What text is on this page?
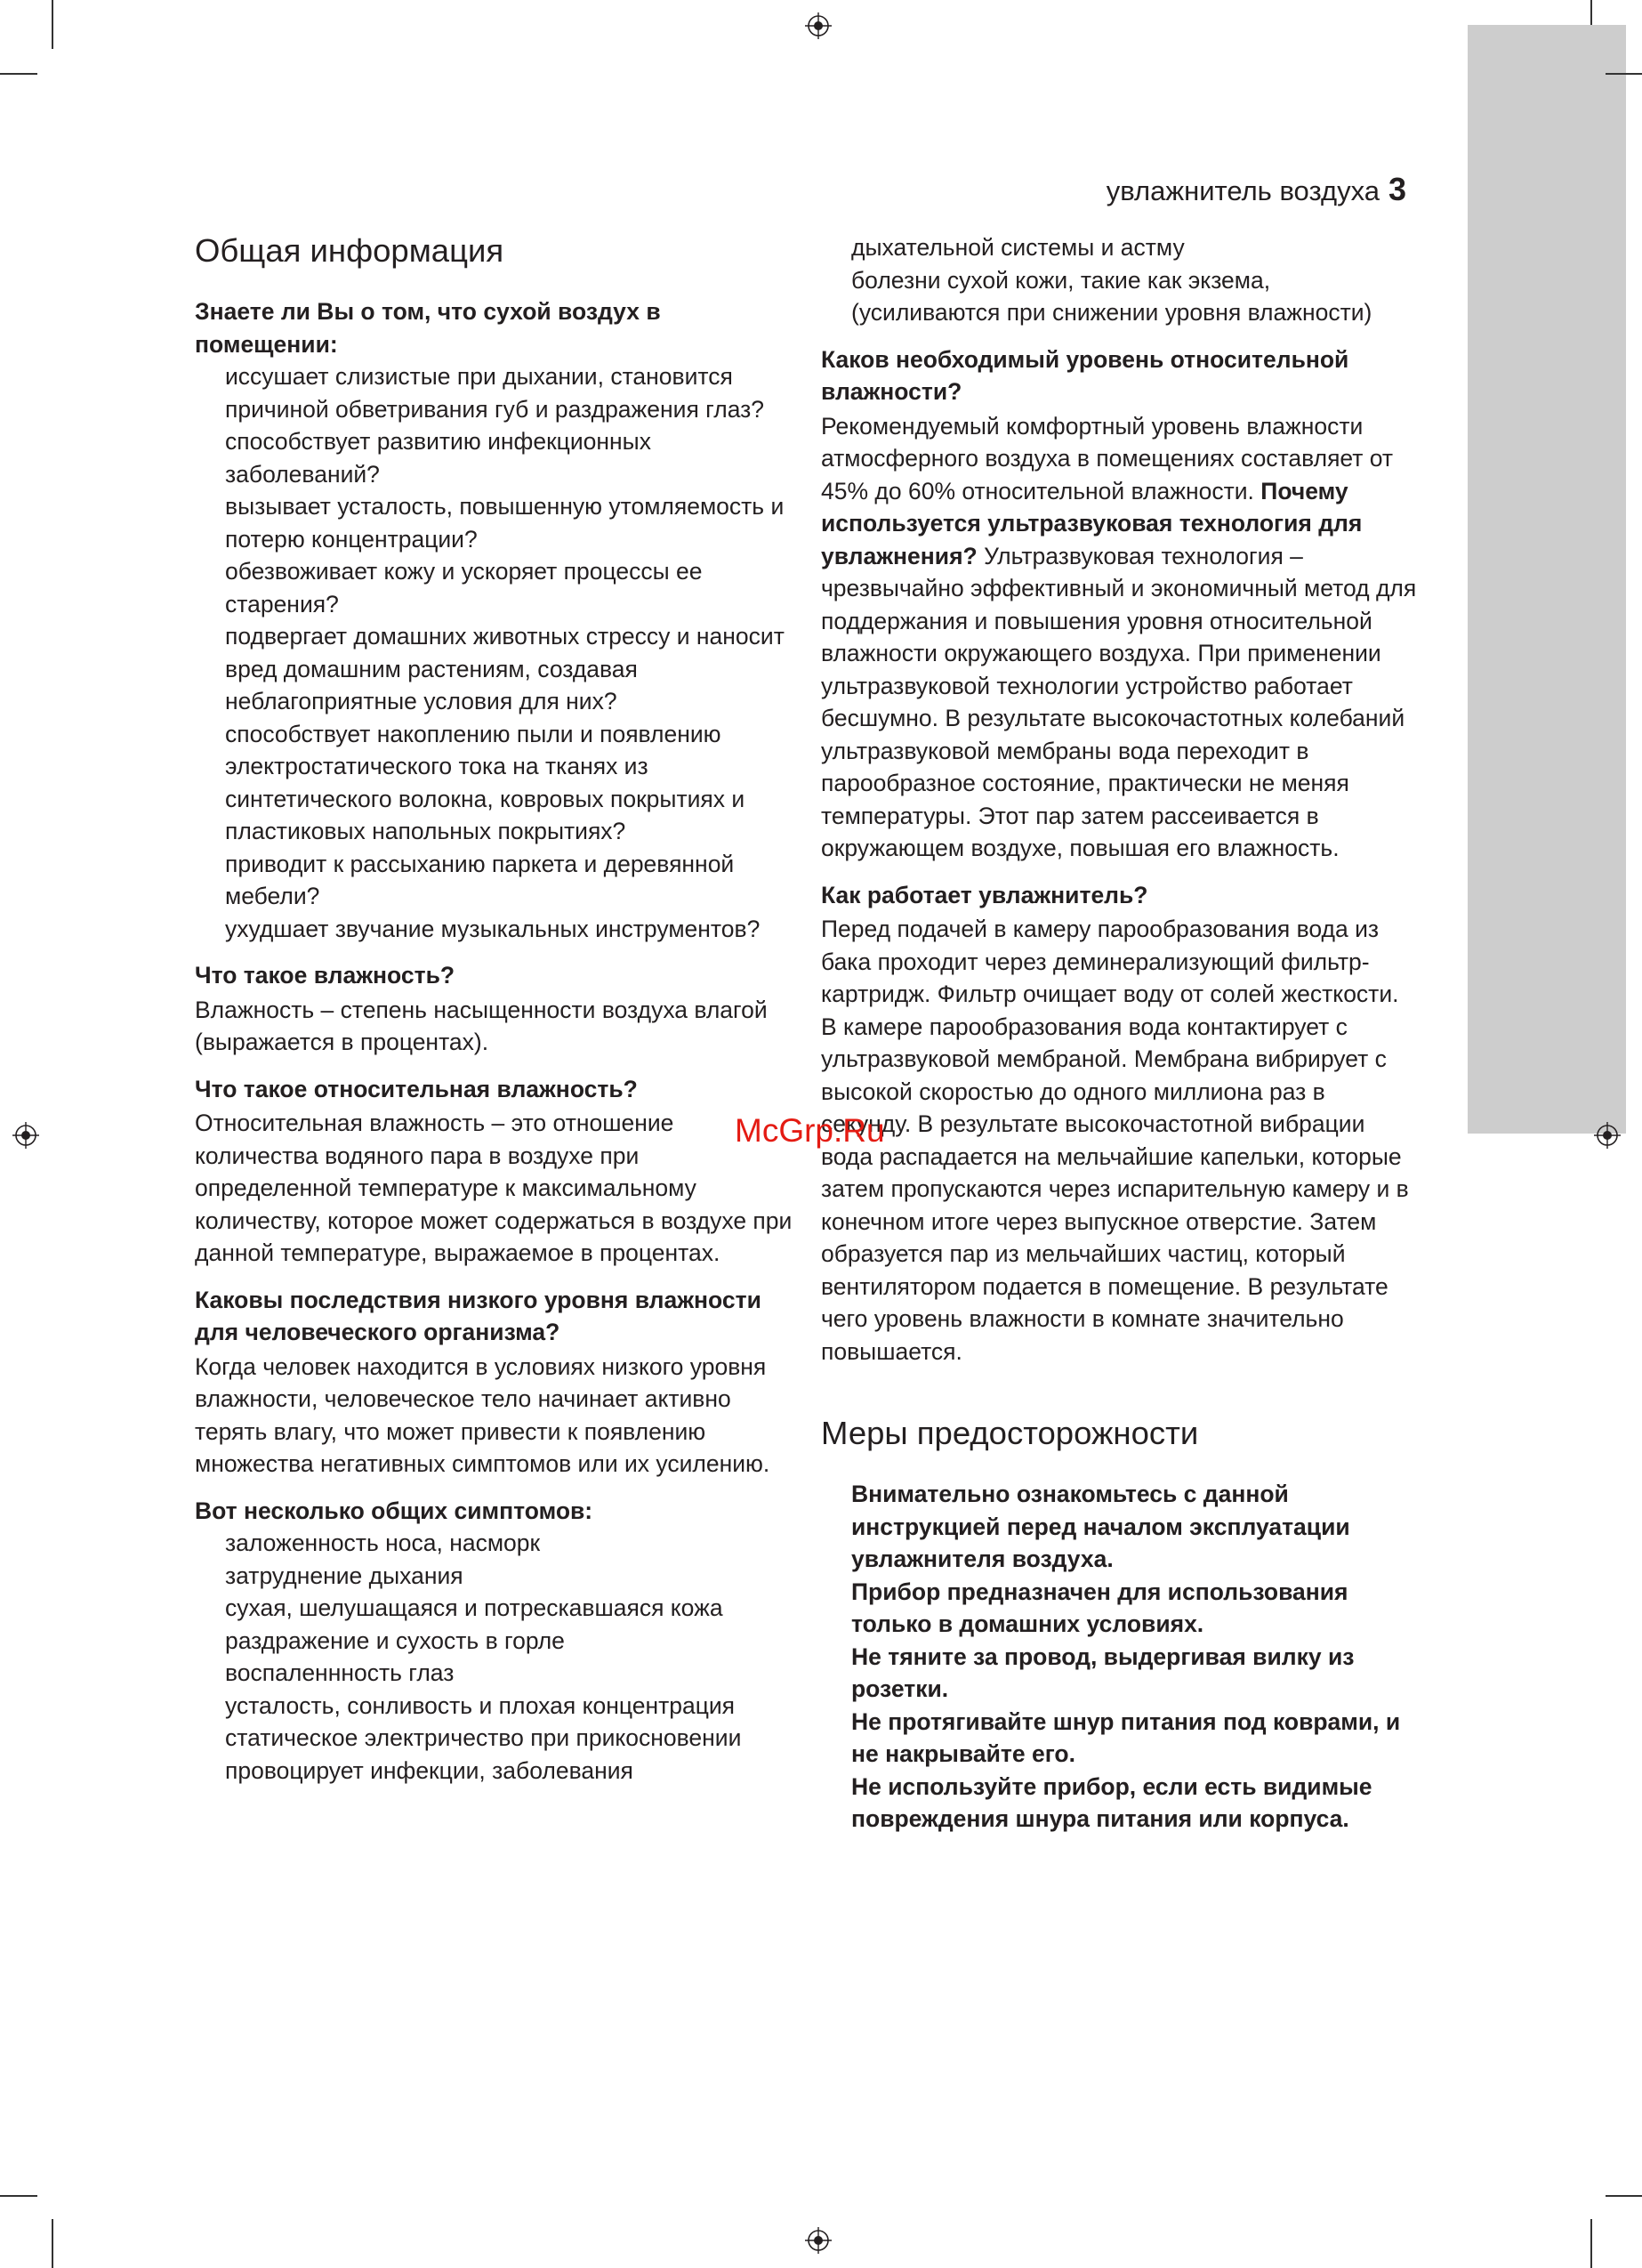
увлажнитель воздуха 3
Общая информация

Знаете ли Вы о том, что сухой воздух в помещении:

иссушает слизистые при дыхании, становится причиной обветривания губ и раздражения глаз?
способствует развитию инфекционных заболеваний?
вызывает усталость, повышенную утомляемость и потерю концентрации?
обезвоживает кожу и ускоряет процессы ее старения?
подвергает домашних животных стрессу и наносит вред домашним растениям, создавая неблагоприятные условия для них?
способствует накоплению пыли и появлению электростатического тока на тканях из синтетического волокна, ковровых покрытиях и пластиковых напольных покрытиях?
приводит к рассыханию паркета и деревянной мебели?
ухудшает звучание музыкальных инструментов?

Что такое влажность?

Влажность – степень насыщенности воздуха влагой (выражается в процентах).

Что такое относительная влажность?

Относительная влажность – это отношение количества водяного пара в воздухе при определенной температуре к максимальному количеству, которое может содержаться в воздухе при данной температуре, выражаемое в процентах.

Каковы последствия низкого уровня влажности для человеческого организма?

Когда человек находится в условиях низкого уровня влажности, человеческое тело начинает активно терять влагу, что может привести к появлению множества негативных симптомов или их усилению.

Вот несколько общих симптомов:

заложенность носа, насморк
затруднение дыхания
сухая, шелушащаяся и потрескавшаяся кожа
раздражение и сухость в горле
воспаленнность глаз
усталость, сонливость и плохая концентрация
статическое электричество при прикосновении
провоцирует инфекции, заболевания
дыхательной системы и астму
болезни сухой кожи, такие как экзема, (усиливаются при снижении уровня влажности)

Каков необходимый уровень относительной влажности?

Рекомендуемый комфортный уровень влажности атмосферного воздуха в помещениях составляет от 45% до 60% относительной влажности. Почему используется ультразвуковая технология для увлажнения? Ультразвуковая технология – чрезвычайно эффективный и экономичный метод для поддержания и повышения уровня относительной влажности окружающего воздуха. При применении ультразвуковой технологии устройство работает бесшумно. В результате высокочастотных колебаний ультразвуковой мембраны вода переходит в парообразное состояние, практически не меняя температуры. Этот пар затем рассеивается в окружающем воздухе, повышая его влажность.

Как работает увлажнитель?

Перед подачей в камеру парообразования вода из бака проходит через деминерализующий фильтр-картридж. Фильтр очищает воду от солей жесткости. В камере парообразования вода контактирует с ультразвуковой мембраной. Мембрана вибрирует с высокой скоростью до одного миллиона раз в секунду. В результате высокочастотной вибрации вода распадается на мельчайшие капельки, которые затем пропускаются через испарительную камеру и в конечном итоге через выпускное отверстие. Затем образуется пар из мельчайших частиц, который вентилятором подается в помещение. В результате чего уровень влажности в комнате значительно повышается.

Меры предосторожности
Внимательно ознакомьтесь с данной инструкцией перед началом эксплуатации увлажнителя воздуха.
Прибор предназначен для использования только в домашних условиях.
Не тяните за провод, выдергивая вилку из розетки.
Не протягивайте шнур питания под коврами, и не накрывайте его.
Не используйте прибор, если есть видимые повреждения шнура питания или корпуса.
McGrp.Ru
